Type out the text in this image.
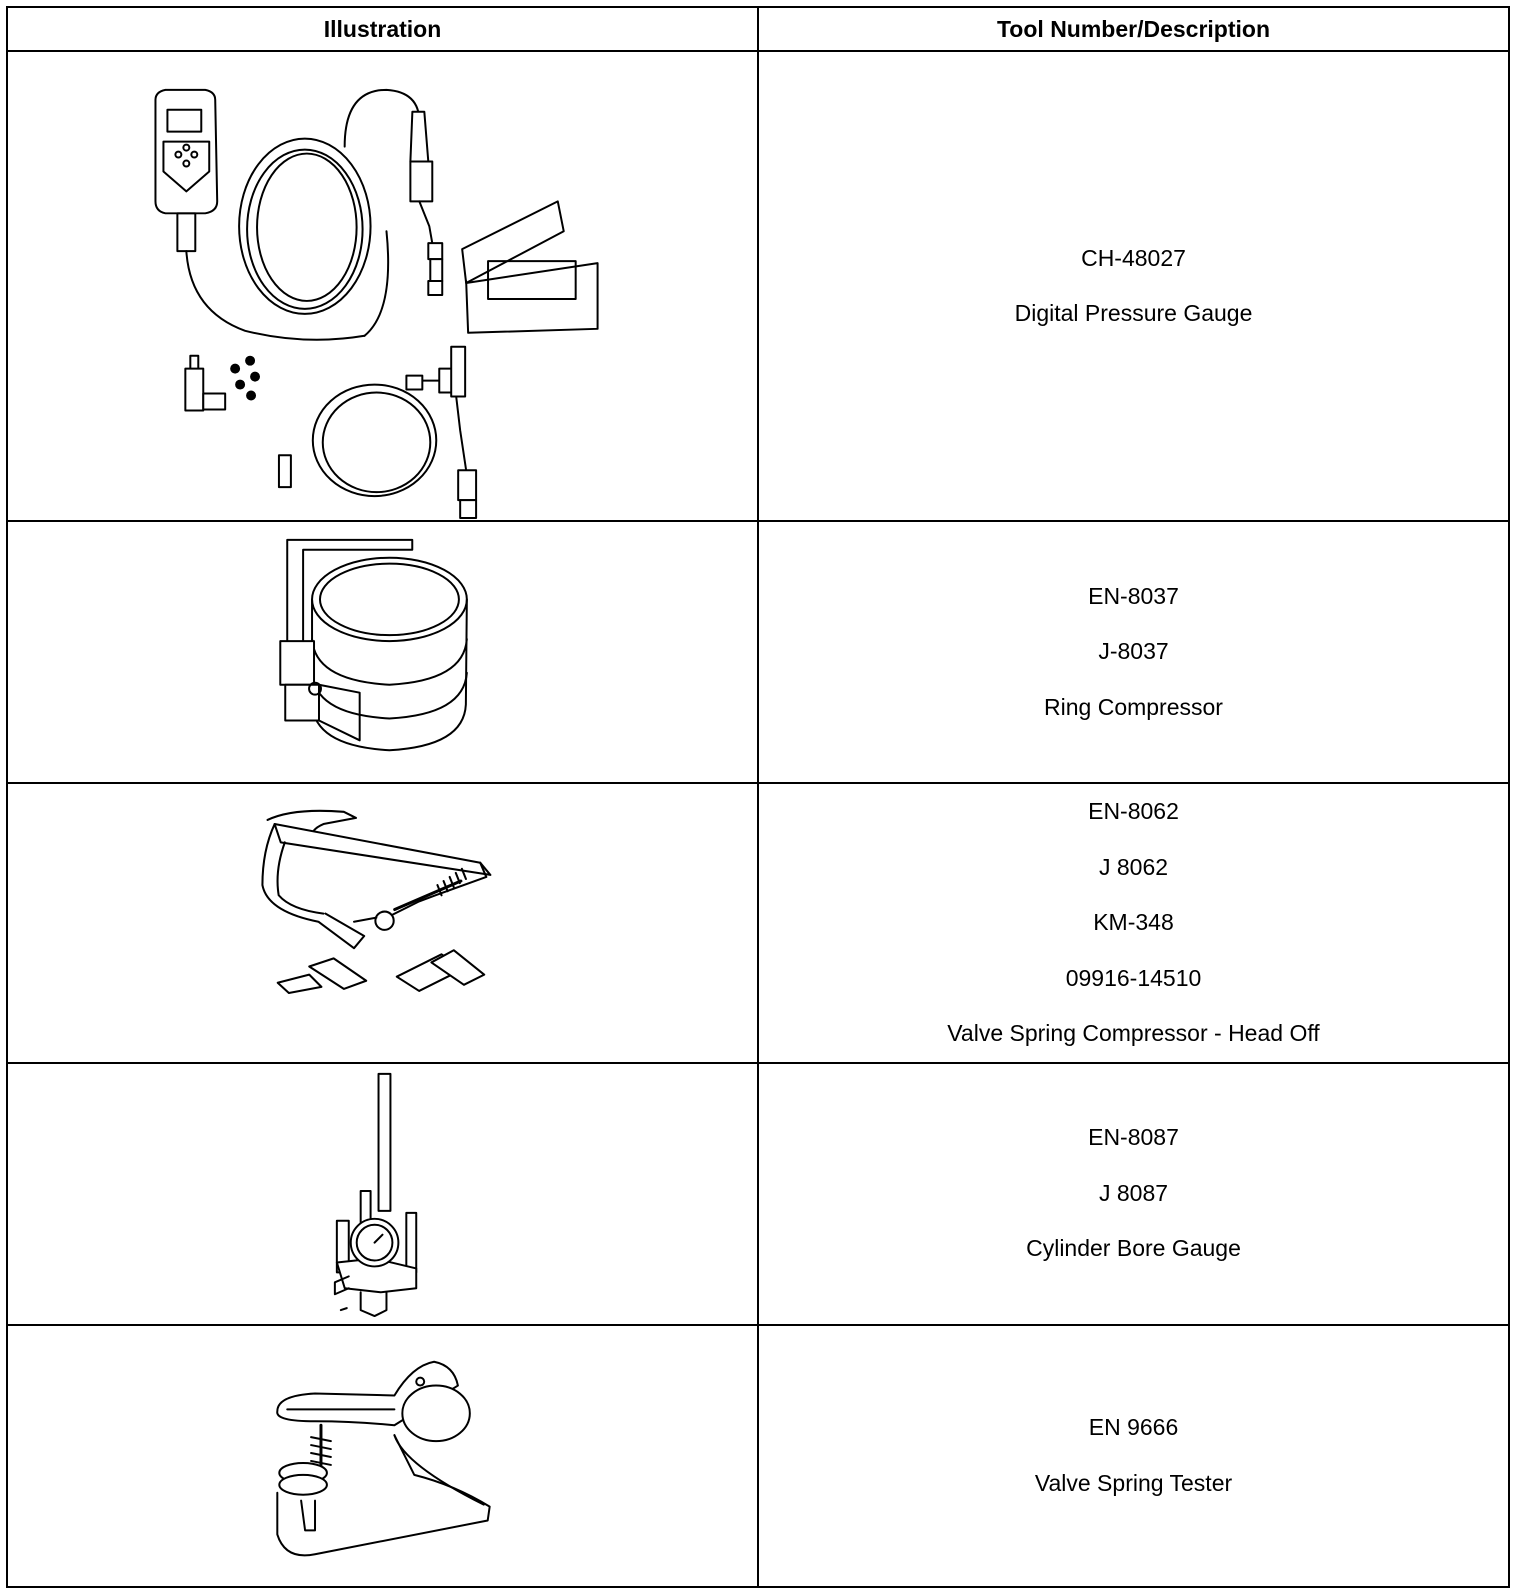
Illustration	Tool Number/Description

CH-48027
Digital Pressure Gauge

EN-8037
J-8037
Ring Compressor

EN-8062
J 8062
KM-348
09916-14510
Valve Spring Compressor - Head Off

EN-8087
J 8087
Cylinder Bore Gauge

EN 9666
Valve Spring Tester
